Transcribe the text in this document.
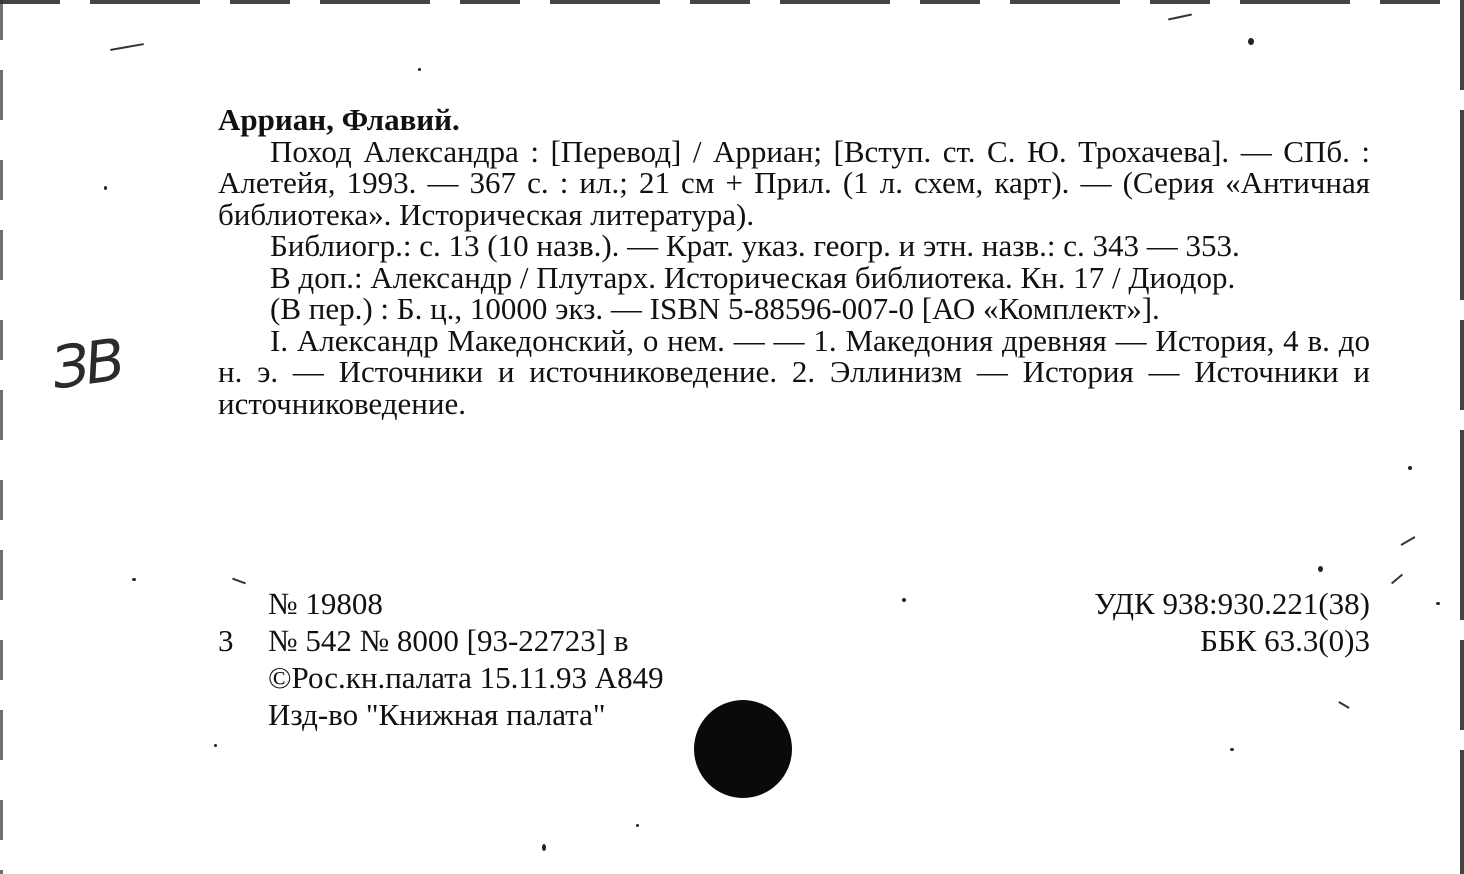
ЗВ

Арриан, Флавий.

Поход Александра : [Перевод] / Арриан; [Вступ. ст. С. Ю. Трохачева]. — СПб. : Алетейя, 1993. — 367 с. : ил.; 21 см + Прил. (1 л. схем, карт). — (Серия «Античная библиотека». Историческая литература).

Библиогр.: с. 13 (10 назв.). — Крат. указ. геогр. и этн. назв.: с. 343 — 353.

В доп.: Александр / Плутарх. Историческая библиотека. Кн. 17 / Диодор.

(В пер.) : Б. ц., 10000 экз. — ISBN 5-88596-007-0 [АО «Комплект»].

I. Александр Македонский, о нем. — — 1. Македония древняя — История, 4 в. до н. э. — Источники и источниковедение. 2. Эллинизм — История — Источники и источниковедение.

№ 19808
3	№ 542 № 8000 [93-22723] в
©Рос.кн.палата 15.11.93 А849
Изд-во "Книжная палата"
УДК 938:930.221(38)
ББК 63.3(0)3
